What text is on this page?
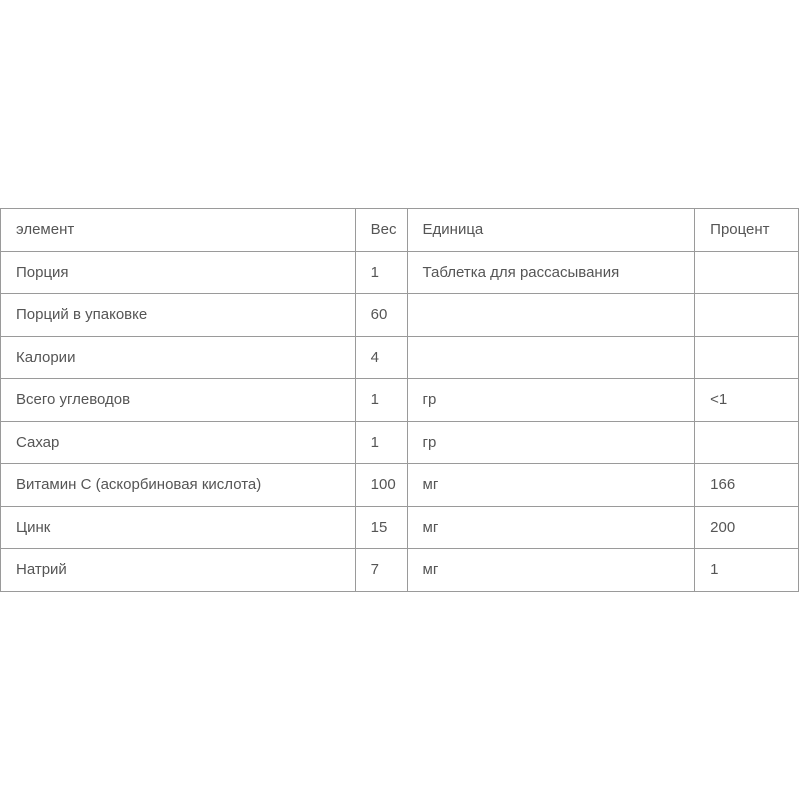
элемент	Вес	Единица	Процент
Порция	1	Таблетка для рассасывания	
Порций в упаковке	60		
Калории	4		
Всего углеводов	1	гр	<1
Сахар	1	гр	
Витамин С (аскорбиновая кислота)	100	мг	166
Цинк	15	мг	200
Натрий	7	мг	1
